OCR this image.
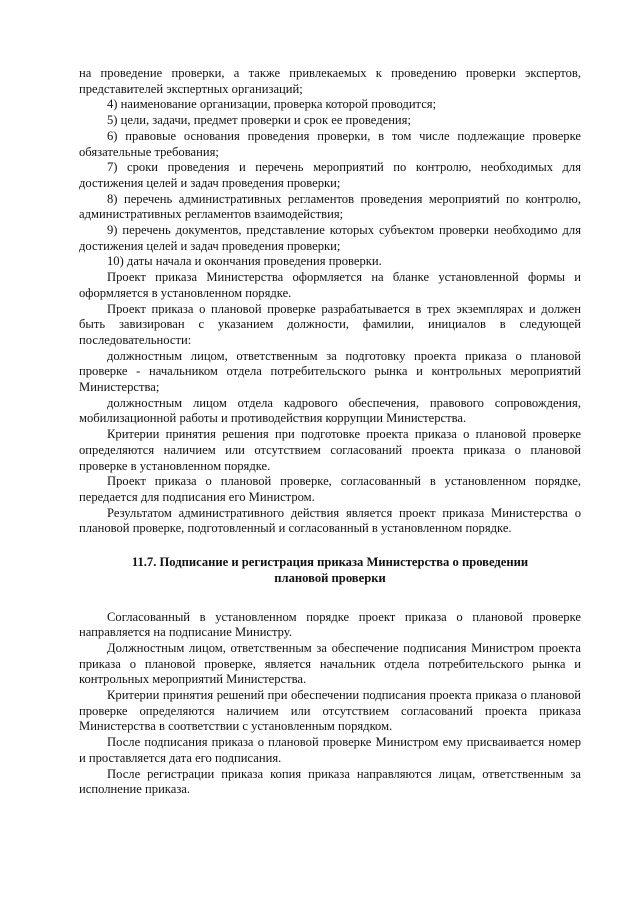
на проведение проверки, а также привлекаемых к проведению проверки экспертов, представителей экспертных организаций;

4) наименование организации, проверка которой проводится;

5) цели, задачи, предмет проверки и срок ее проведения;

6) правовые основания проведения проверки, в том числе подлежащие проверке обязательные требования;

7) сроки проведения и перечень мероприятий по контролю, необходимых для достижения целей и задач проведения проверки;

8) перечень административных регламентов проведения мероприятий по контролю, административных регламентов взаимодействия;

9) перечень документов, представление которых субъектом проверки необходимо для достижения целей и задач проведения проверки;

10) даты начала и окончания проведения проверки.

Проект приказа Министерства оформляется на бланке установленной формы и оформляется в установленном порядке.

Проект приказа о плановой проверке разрабатывается в трех экземплярах и должен быть завизирован с указанием должности, фамилии, инициалов в следующей последовательности:

должностным лицом, ответственным за подготовку проекта приказа о плановой проверке - начальником отдела потребительского рынка и контрольных мероприятий Министерства;

должностным лицом отдела кадрового обеспечения, правового сопровождения, мобилизационной работы и противодействия коррупции Министерства.

Критерии принятия решения при подготовке проекта приказа о плановой проверке определяются наличием или отсутствием согласований проекта приказа о плановой проверке в установленном порядке.

Проект приказа о плановой проверке, согласованный в установленном порядке, передается для подписания его Министром.

Результатом административного действия является проект приказа Министерства о плановой проверке, подготовленный и согласованный в установленном порядке.

11.7. Подписание и регистрация приказа Министерства о проведении плановой проверки

Согласованный в установленном порядке проект приказа о плановой проверке направляется на подписание Министру.

Должностным лицом, ответственным за обеспечение подписания Министром проекта приказа о плановой проверке, является начальник отдела потребительского рынка и контрольных мероприятий Министерства.

Критерии принятия решений при обеспечении подписания проекта приказа о плановой проверке определяются наличием или отсутствием согласований проекта приказа Министерства в соответствии с установленным порядком.

После подписания приказа о плановой проверке Министром ему присваивается номер и проставляется дата его подписания.

После регистрации приказа копия приказа направляются лицам, ответственным за исполнение приказа.
